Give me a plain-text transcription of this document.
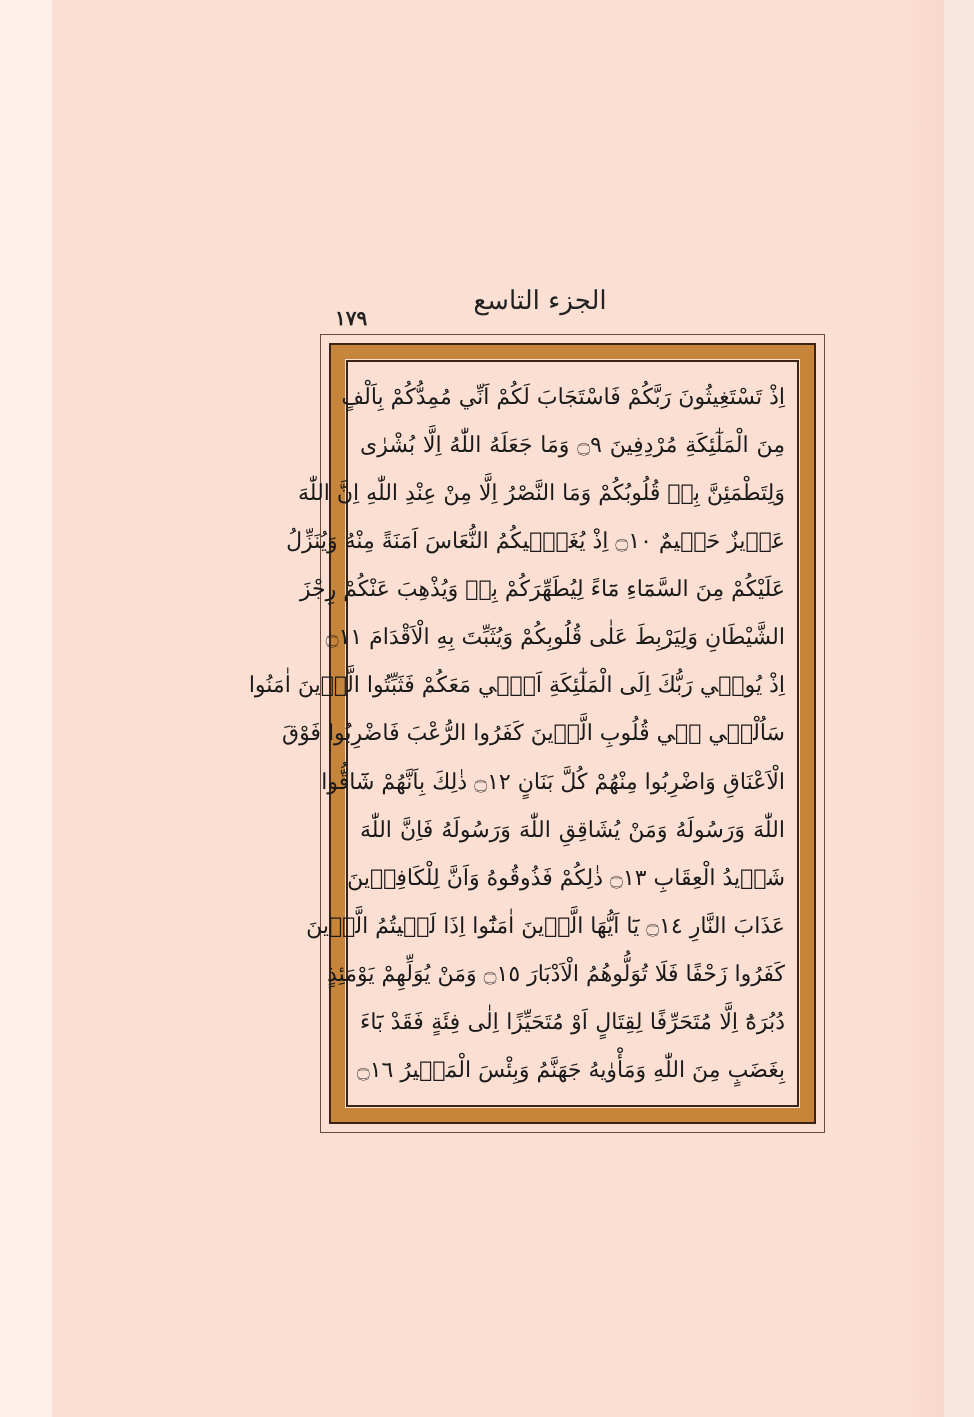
الجزء التاسع
١٧٩
اِذْ تَسْتَغِيثُونَ رَبَّكُمْ فَاسْتَجَابَ لَكُمْ اَنِّي مُمِدُّكُمْ بِاَلْفٍ
مِنَ الْمَلٰٓئِكَةِ مُرْدِفِينَ ۝٩ وَمَا جَعَلَهُ اللّٰهُ اِلَّا بُشْرٰى
وَلِتَطْمَئِنَّ بِه۪ قُلُوبُكُمْ وَمَا النَّصْرُ اِلَّا مِنْ عِنْدِ اللّٰهِ اِنَّ اللّٰهَ
عَز۪يزٌ حَك۪يمٌ ۝١٠ اِذْ يُغَشّ۪يكُمُ النُّعَاسَ اَمَنَةً مِنْهُ وَيُنَزِّلُ
عَلَيْكُمْ مِنَ السَّمَٓاءِ مَٓاءً لِيُطَهِّرَكُمْ بِه۪ وَيُذْهِبَ عَنْكُمْ رِجْزَ
الشَّيْطَانِ وَلِيَرْبِطَ عَلٰى قُلُوبِكُمْ وَيُثَبِّتَ بِهِ الْاَقْدَامَ ۝١١
اِذْ يُوح۪ي رَبُّكَ اِلَى الْمَلٰٓئِكَةِ اَنّ۪ي مَعَكُمْ فَثَبِّتُوا الَّذ۪ينَ اٰمَنُوا
سَاُلْق۪ي ف۪ي قُلُوبِ الَّذ۪ينَ كَفَرُوا الرُّعْبَ فَاضْرِبُوا فَوْقَ
الْاَعْنَاقِ وَاضْرِبُوا مِنْهُمْ كُلَّ بَنَانٍ ۝١٢ ذٰلِكَ بِاَنَّهُمْ شَٓاقُّوا
اللّٰهَ وَرَسُولَهُ وَمَنْ يُشَاقِقِ اللّٰهَ وَرَسُولَهُ فَاِنَّ اللّٰهَ
شَد۪يدُ الْعِقَابِ ۝١٣ ذٰلِكُمْ فَذُوقُوهُ وَاَنَّ لِلْكَافِر۪ينَ
عَذَابَ النَّارِ ۝١٤ يَٓا اَيُّهَا الَّذ۪ينَ اٰمَنُٓوا اِذَا لَق۪يتُمُ الَّذ۪ينَ
كَفَرُوا زَحْفًا فَلَا تُوَلُّوهُمُ الْاَدْبَارَ ۝١٥ وَمَنْ يُوَلِّهِمْ يَوْمَئِذٍ
دُبُرَهُٓ اِلَّا مُتَحَرِّفًا لِقِتَالٍ اَوْ مُتَحَيِّزًا اِلٰى فِئَةٍ فَقَدْ بَٓاءَ
بِغَضَبٍ مِنَ اللّٰهِ وَمَأْوٰيهُ جَهَنَّمُ وَبِئْسَ الْمَص۪يرُ ۝١٦
